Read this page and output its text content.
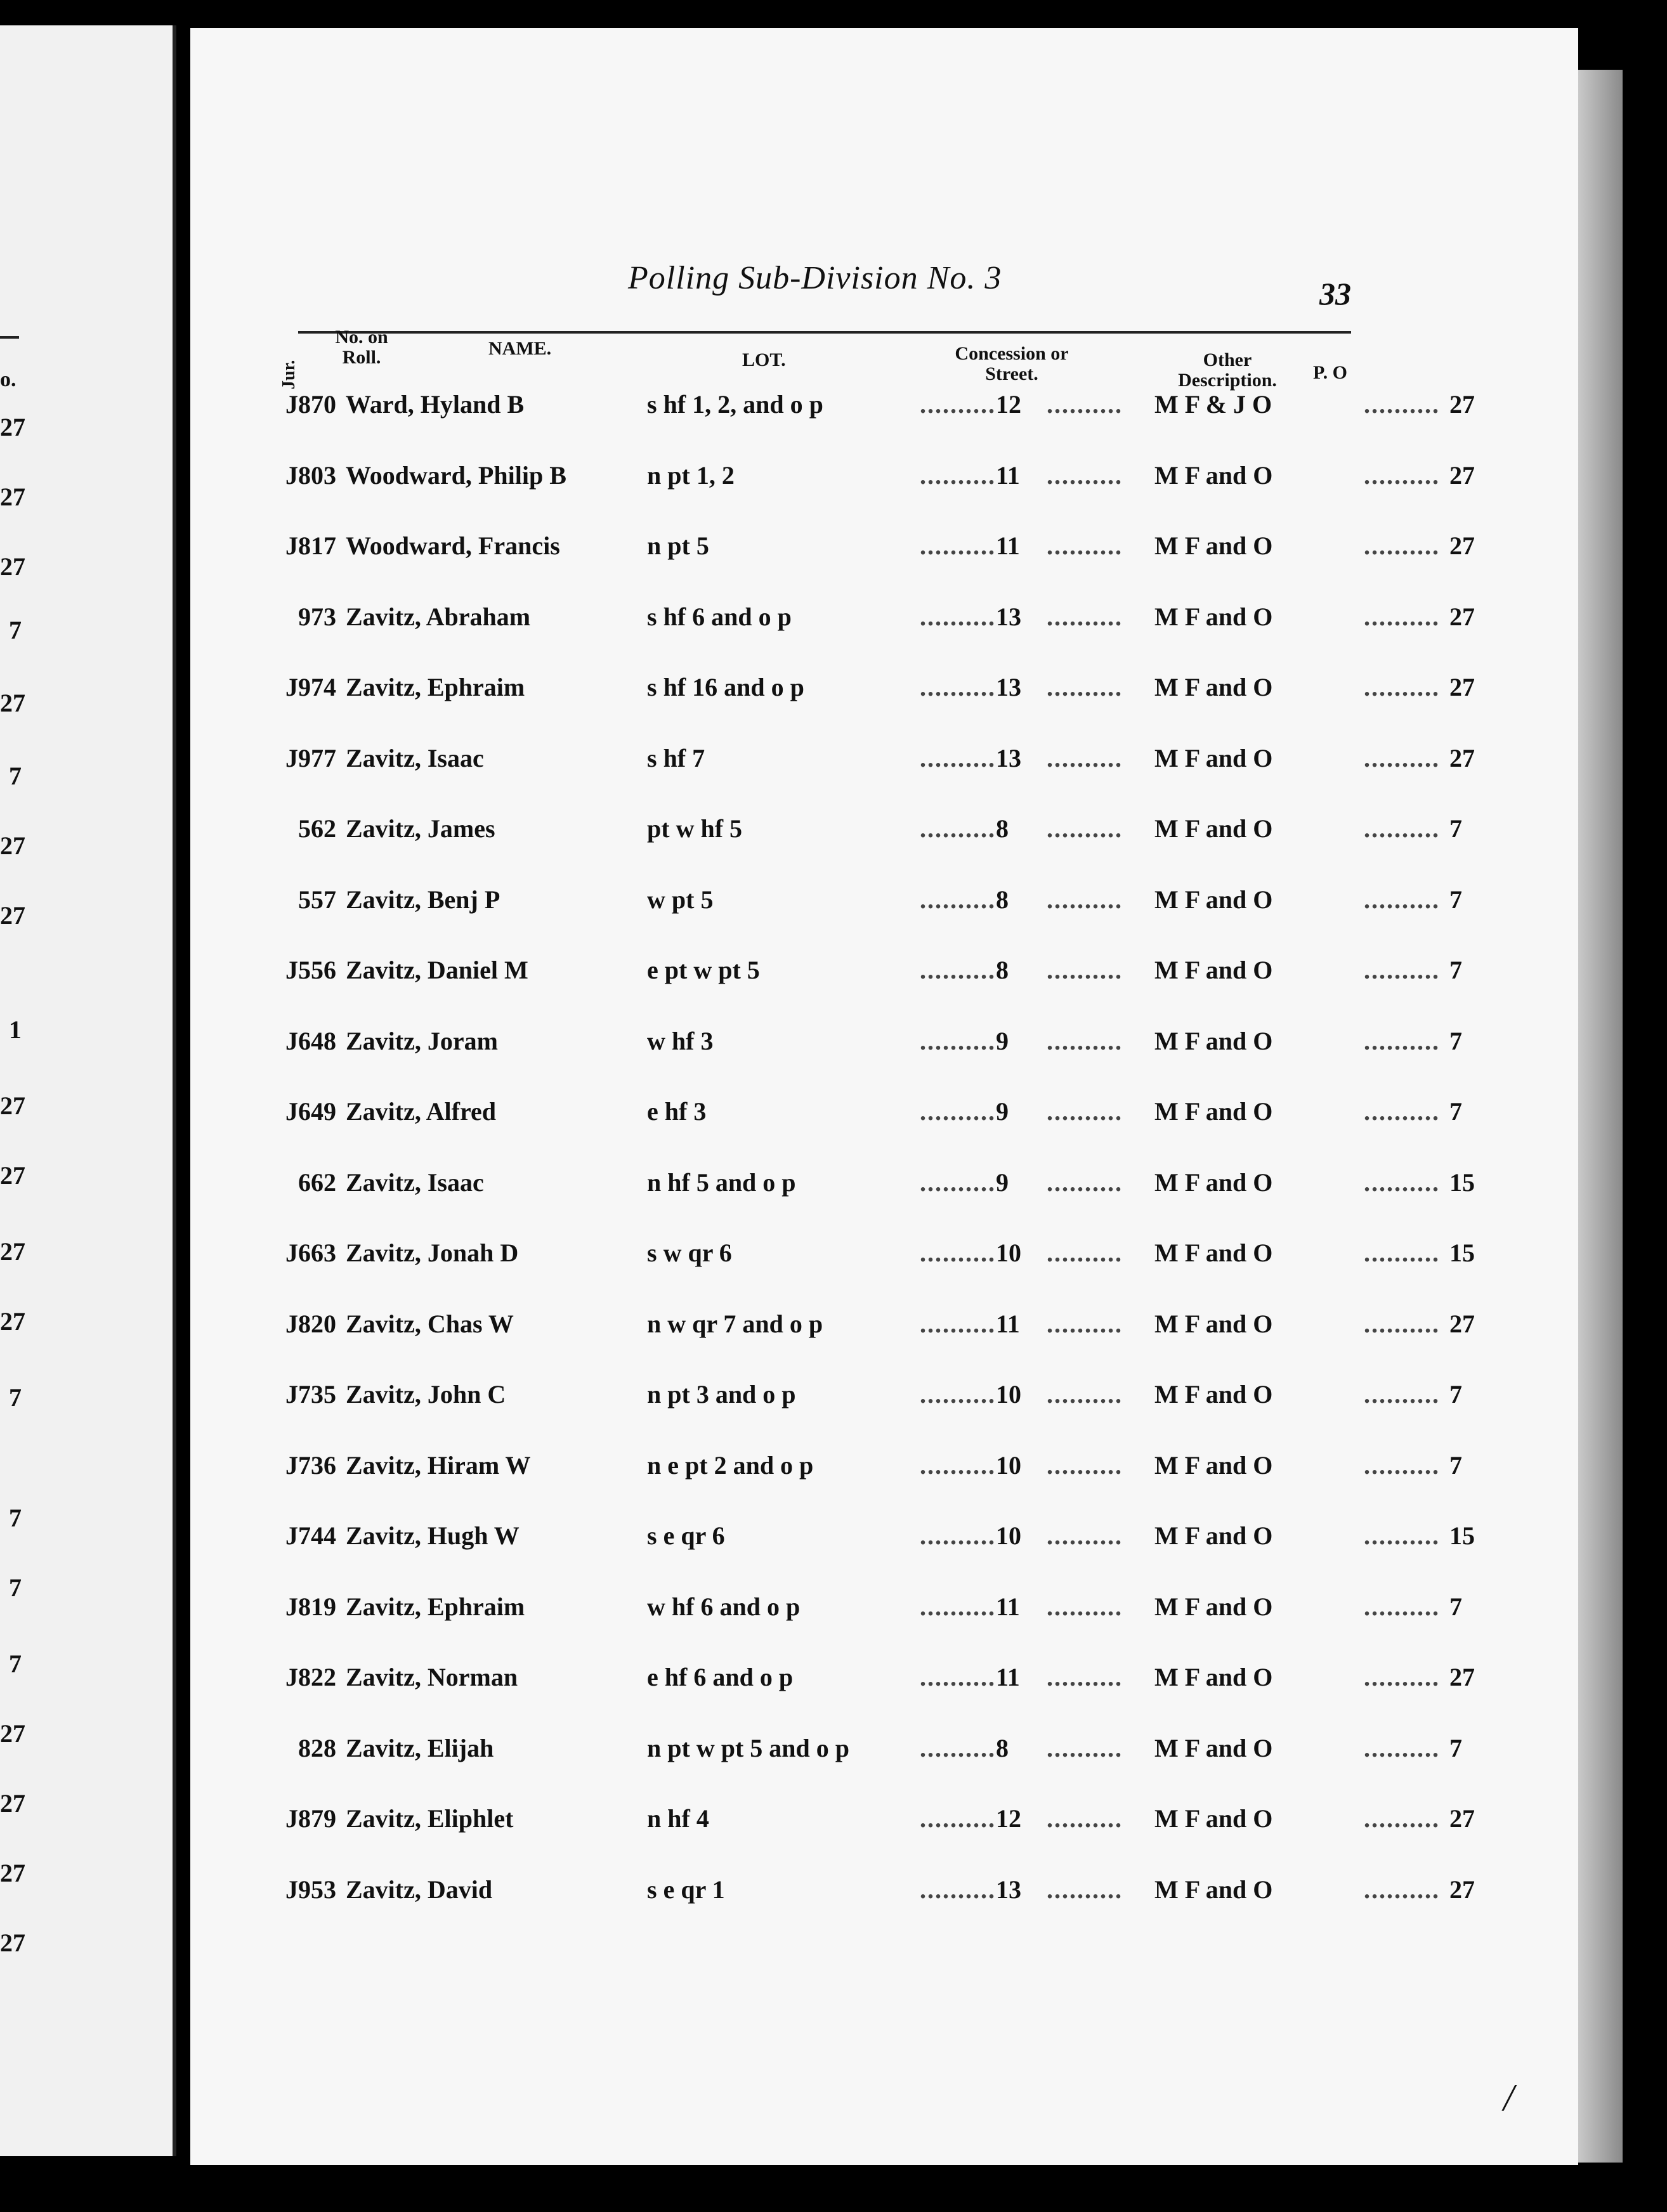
o.
27
27
27
7
27
7
27
27
1
27
27
27
27
7
7
7
7
27
27
27
27
Polling Sub-Division No. 3	33
Jur.
No. on Roll.	NAME.
LOT.	Concession or Street.
Other Description.	P. O
J870 Ward, Hyland B	s hf 1, 2, and o p	12	M F & J O	27
.......... ..........	..........
J803 Woodward, Philip B	n pt 1, 2	11	M F and O	27
.......... ..........	..........
J817 Woodward, Francis	n pt 5	11	M F and O	27
.......... ..........	..........
973 Zavitz, Abraham	s hf 6 and o p	13	M F and O	27
.......... ..........	..........
J974 Zavitz, Ephraim	s hf 16 and o p	13	M F and O	27
.......... ..........	..........
J977 Zavitz, Isaac	s hf 7	13	M F and O	27
.......... ..........	..........
562 Zavitz, James	pt w hf 5	8	M F and O	7
.......... ..........	..........
557 Zavitz, Benj P	w pt 5	8	M F and O	7
.......... ..........	..........
J556 Zavitz, Daniel M	e pt w pt 5	8	M F and O	7
.......... ..........	..........
J648 Zavitz, Joram	w hf 3	9	M F and O	7
.......... ..........	..........
J649 Zavitz, Alfred	e hf 3	9	M F and O	7
.......... ..........	..........
662 Zavitz, Isaac	n hf 5 and o p	9	M F and O	15
.......... ..........	..........
J663 Zavitz, Jonah D	s w qr 6	10	M F and O	15
.......... ..........	..........
J820 Zavitz, Chas W	n w qr 7 and o p	11	M F and O	27
.......... ..........	..........
J735 Zavitz, John C	n pt 3 and o p	10	M F and O	7
.......... ..........	..........
J736 Zavitz, Hiram W	n e pt 2 and o p	10	M F and O	7
.......... ..........	..........
J744 Zavitz, Hugh W	s e qr 6	10	M F and O	15
.......... ..........	..........
J819 Zavitz, Ephraim	w hf 6 and o p	11	M F and O	7
.......... ..........	..........
J822 Zavitz, Norman	e hf 6 and o p	11	M F and O	27
.......... ..........	..........
828 Zavitz, Elijah	n pt w pt 5 and o p	8	M F and O	7
.......... ..........	..........
J879 Zavitz, Eliphlet	n hf 4	12	M F and O	27
.......... ..........	..........
J953 Zavitz, David	s e qr 1	13	M F and O	27
.......... ..........	..........
/
